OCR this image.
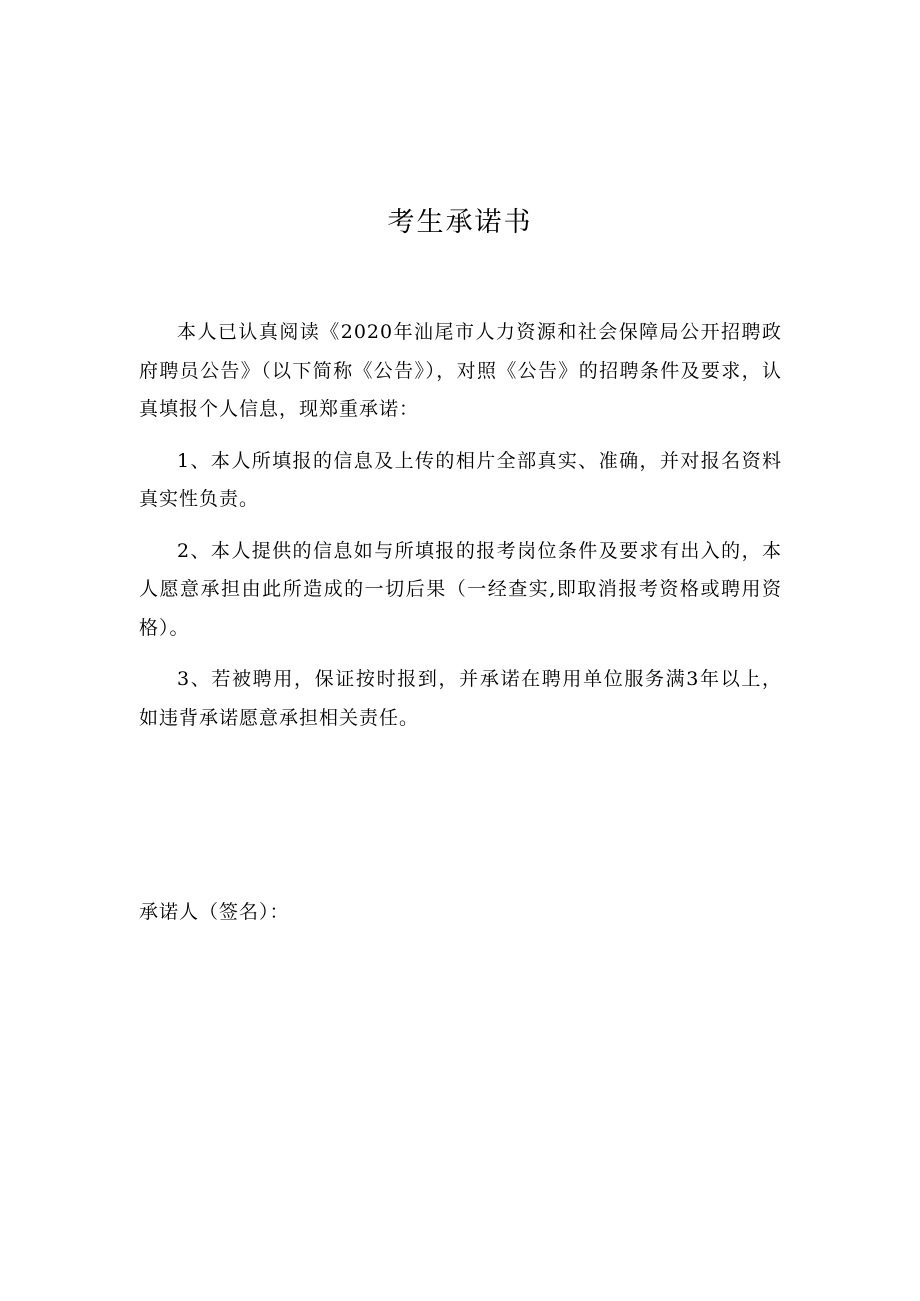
考生承诺书

本人已认真阅读《2020年汕尾市人力资源和社会保障局公开招聘政府聘员公告》（以下简称《公告》），对照《公告》的招聘条件及要求，认真填报个人信息，现郑重承诺：

1、本人所填报的信息及上传的相片全部真实、准确，并对报名资料真实性负责。

2、本人提供的信息如与所填报的报考岗位条件及要求有出入的，本人愿意承担由此所造成的一切后果（一经查实,即取消报考资格或聘用资格）。

3、若被聘用，保证按时报到，并承诺在聘用单位服务满3年以上，如违背承诺愿意承担相关责任。

承诺人（签名）：
